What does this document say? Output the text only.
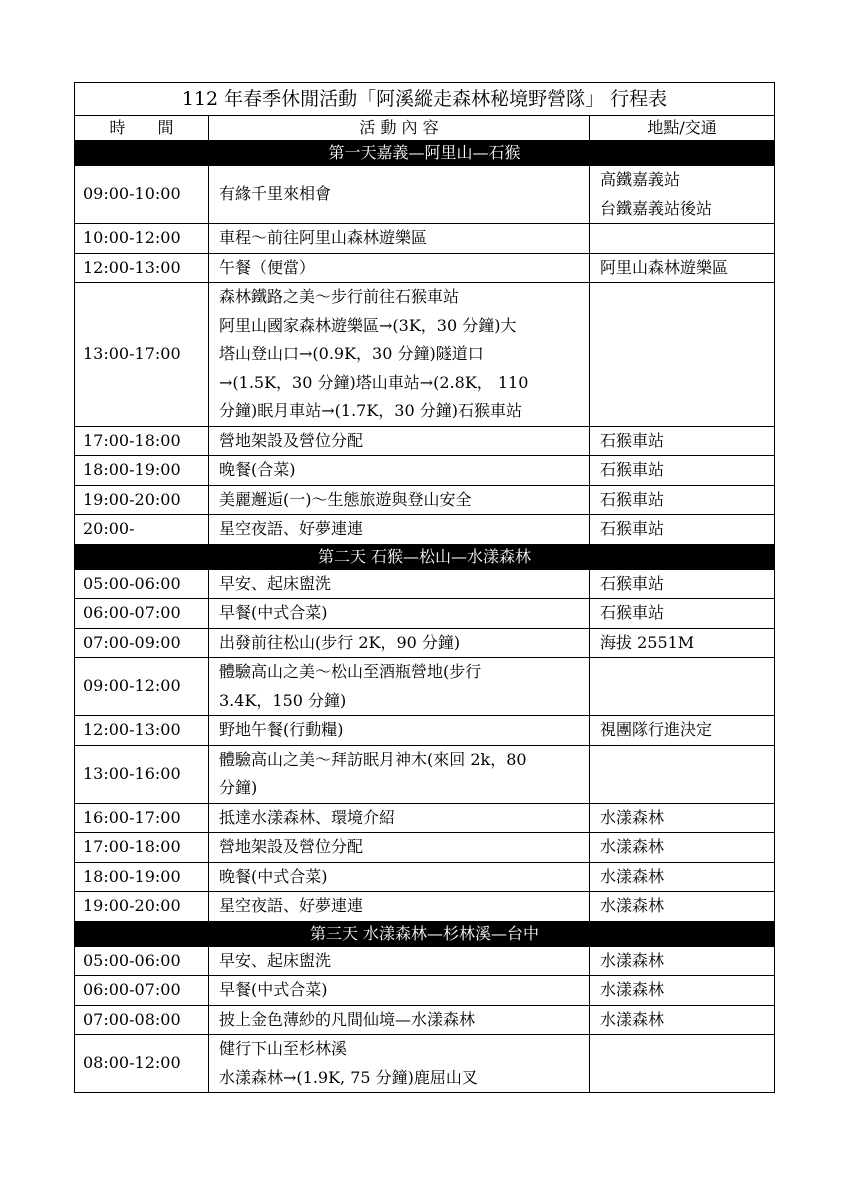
112 年春季休閒活動「阿溪縱走森林秘境野營隊」 行程表		
時　　間	活 動 內 容	地點/交通
第一天嘉義—阿里山—石猴		
09:00-10:00	有緣千里來相會	高鐵嘉義站
台鐵嘉義站後站

10:00-12:00	車程～前往阿里山森林遊樂區	

12:00-13:00	午餐（便當）	阿里山森林遊樂區

13:00-17:00	森林鐵路之美～步行前往石猴車站
阿里山國家森林遊樂區→(3K，30 分鐘)大
塔山登山口→(0.9K，30 分鐘)隧道口
→(1.5K，30 分鐘)塔山車站→(2.8K， 110
分鐘)眠月車站→(1.7K，30 分鐘)石猴車站	

17:00-18:00	營地架設及營位分配	石猴車站

18:00-19:00	晚餐(合菜)	石猴車站

19:00-20:00	美麗邂逅(一)～生態旅遊與登山安全	石猴車站

20:00-	星空夜語、好夢連連	石猴車站

第二天 石猴—松山—水漾森林		
05:00-06:00	早安、起床盥洗	石猴車站

06:00-07:00	早餐(中式合菜)	石猴車站

07:00-09:00	出發前往松山(步行 2K，90 分鐘)	海拔 2551M

09:00-12:00	體驗高山之美～松山至酒瓶營地(步行
3.4K，150 分鐘)	

12:00-13:00	野地午餐(行動糧)	視團隊行進決定

13:00-16:00	體驗高山之美～拜訪眠月神木(來回 2k，80
分鐘)	

16:00-17:00	抵達水漾森林、環境介紹	水漾森林

17:00-18:00	營地架設及營位分配	水漾森林

18:00-19:00	晚餐(中式合菜)	水漾森林

19:00-20:00	星空夜語、好夢連連	水漾森林

第三天 水漾森林—杉林溪—台中		
05:00-06:00	早安、起床盥洗	水漾森林

06:00-07:00	早餐(中式合菜)	水漾森林

07:00-08:00	披上金色薄紗的凡間仙境—水漾森林	水漾森林

08:00-12:00	健行下山至杉林溪
水漾森林→(1.9K, 75 分鐘)鹿屈山叉	
